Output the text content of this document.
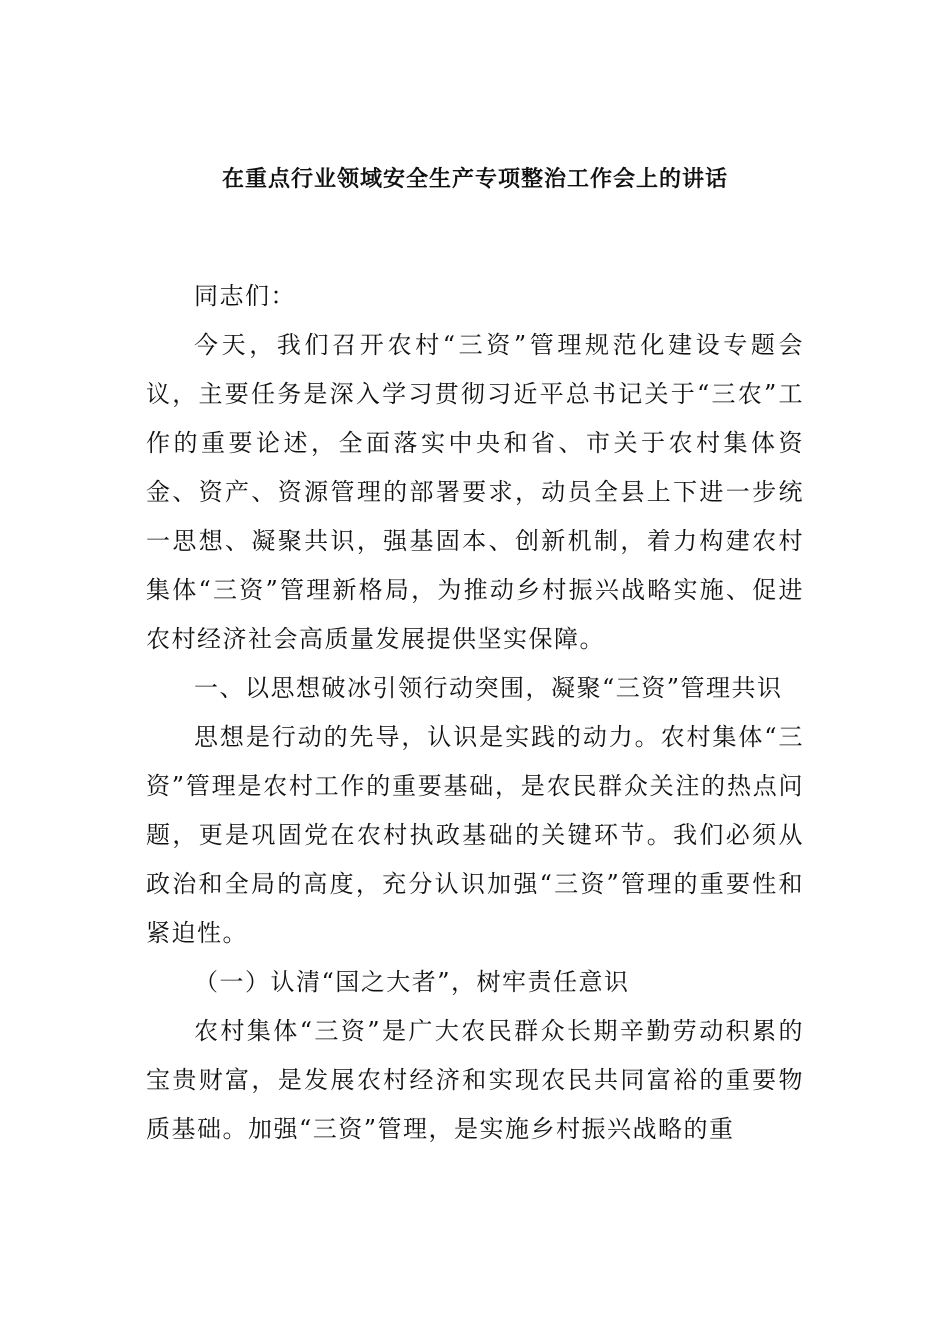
在重点行业领域安全生产专项整治工作会上的讲话

同志们：

今天，我们召开农村“三资”管理规范化建设专题会议，主要任务是深入学习贯彻习近平总书记关于“三农”工作的重要论述，全面落实中央和省、市关于农村集体资金、资产、资源管理的部署要求，动员全县上下进一步统一思想、凝聚共识，强基固本、创新机制，着力构建农村集体“三资”管理新格局，为推动乡村振兴战略实施、促进农村经济社会高质量发展提供坚实保障。

一、以思想破冰引领行动突围，凝聚“三资”管理共识

思想是行动的先导，认识是实践的动力。农村集体“三资”管理是农村工作的重要基础，是农民群众关注的热点问题，更是巩固党在农村执政基础的关键环节。我们必须从政治和全局的高度，充分认识加强“三资”管理的重要性和紧迫性。

（一）认清“国之大者”，树牢责任意识

农村集体“三资”是广大农民群众长期辛勤劳动积累的宝贵财富，是发展农村经济和实现农民共同富裕的重要物质基础。加强“三资”管理，是实施乡村振兴战略的重
